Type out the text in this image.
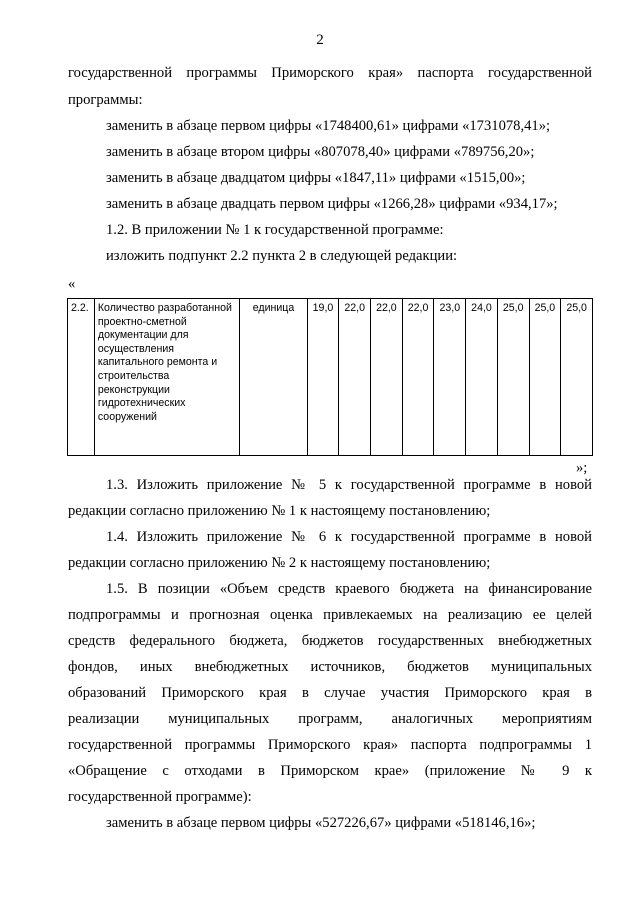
2
государственной программы Приморского края» паспорта государственной
программы:
заменить в абзаце первом цифры «1748400,61» цифрами «1731078,41»;
заменить в абзаце втором цифры «807078,40» цифрами «789756,20»;
заменить в абзаце двадцатом цифры «1847,11» цифрами «1515,00»;
заменить в абзаце двадцать первом цифры «1266,28» цифрами «934,17»;
1.2. В приложении № 1 к государственной программе:
изложить подпункт 2.2 пункта 2 в следующей редакции:
«
2.2.	Количество разработанной проектно-сметной документации для осуществления капитального ремонта и строительства реконструкции гидротехнических сооружений	единица	19,0	22,0	22,0	22,0	23,0	24,0	25,0	25,0	25,0
»;
1.3. Изложить приложение № 5 к государственной программе в новой
редакции согласно приложению № 1 к настоящему постановлению;
1.4. Изложить приложение № 6 к государственной программе в новой
редакции согласно приложению № 2 к настоящему постановлению;
1.5. В позиции «Объем средств краевого бюджета на финансирование
подпрограммы и прогнозная оценка привлекаемых на реализацию ее целей
средств федерального бюджета, бюджетов государственных внебюджетных
фондов, иных внебюджетных источников, бюджетов муниципальных
образований Приморского края в случае участия Приморского края в
реализации муниципальных программ, аналогичных мероприятиям
государственной программы Приморского края» паспорта подпрограммы 1
«Обращение с отходами в Приморском крае» (приложение № 9 к
государственной программе):
заменить в абзаце первом цифры «527226,67» цифрами «518146,16»;
